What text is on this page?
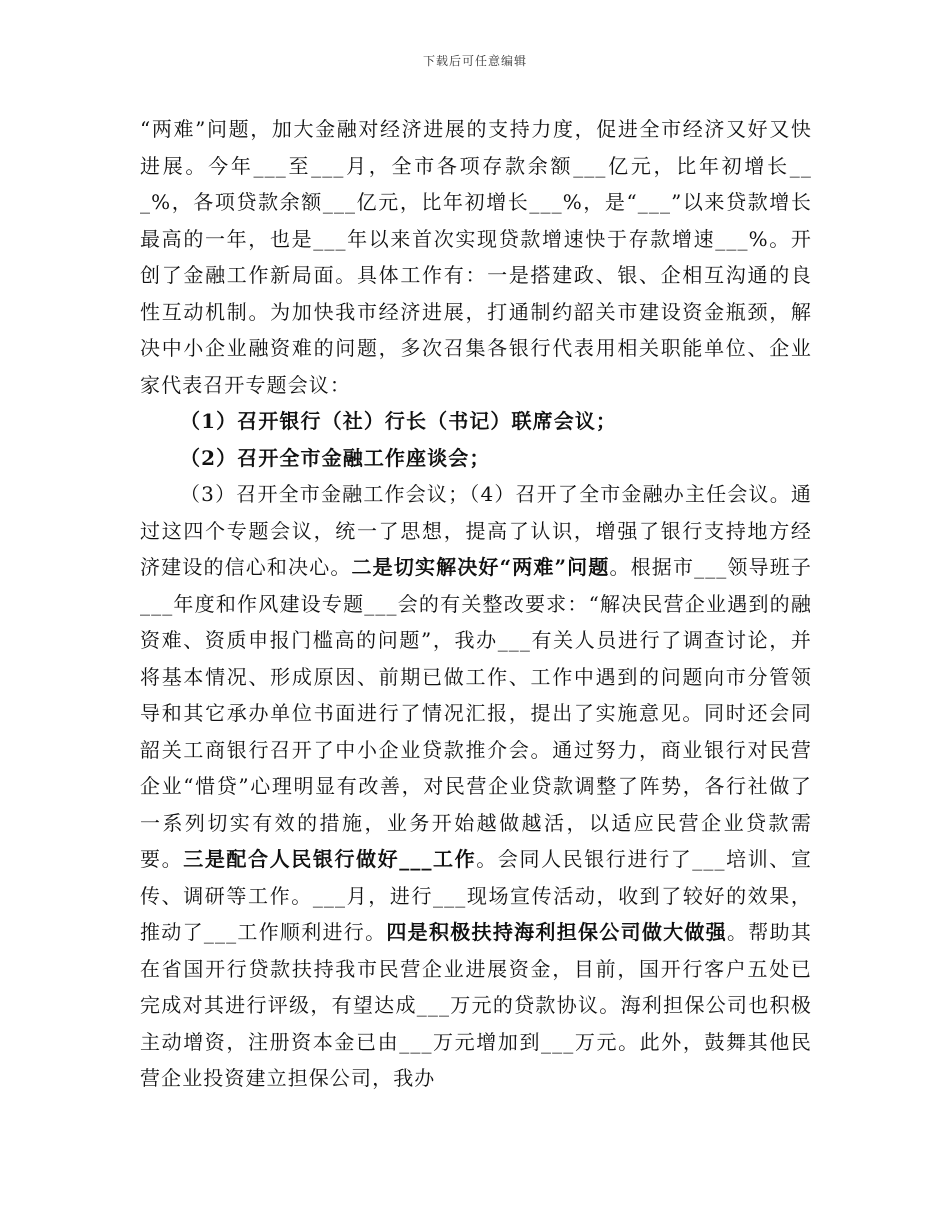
下载后可任意编辑

“两难”问题，加大金融对经济进展的支持力度，促进全市经济又好又快进展。今年___至___月，全市各项存款余额___亿元，比年初增长___%，各项贷款余额___亿元，比年初增长___%，是“___”以来贷款增长最高的一年，也是___年以来首次实现贷款增速快于存款增速___%。开创了金融工作新局面。具体工作有：一是搭建政、银、企相互沟通的良性互动机制。为加快我市经济进展，打通制约韶关市建设资金瓶颈，解决中小企业融资难的问题，多次召集各银行代表用相关职能单位、企业家代表召开专题会议：

（1）召开银行（社）行长（书记）联席会议；

（2）召开全市金融工作座谈会；

（3）召开全市金融工作会议；（4）召开了全市金融办主任会议。通过这四个专题会议，统一了思想，提高了认识，增强了银行支持地方经济建设的信心和决心。二是切实解决好“两难”问题。根据市___领导班子___年度和作风建设专题___会的有关整改要求：“解决民营企业遇到的融资难、资质申报门槛高的问题”，我办___有关人员进行了调查讨论，并将基本情况、形成原因、前期已做工作、工作中遇到的问题向市分管领导和其它承办单位书面进行了情况汇报，提出了实施意见。同时还会同韶关工商银行召开了中小企业贷款推介会。通过努力，商业银行对民营企业“惜贷”心理明显有改善，对民营企业贷款调整了阵势，各行社做了一系列切实有效的措施，业务开始越做越活，以适应民营企业贷款需要。三是配合人民银行做好___工作。会同人民银行进行了___培训、宣传、调研等工作。___月，进行___现场宣传活动，收到了较好的效果，推动了___工作顺利进行。四是积极扶持海利担保公司做大做强。帮助其在省国开行贷款扶持我市民营企业进展资金，目前，国开行客户五处已完成对其进行评级，有望达成___万元的贷款协议。海利担保公司也积极主动增资，注册资本金已由___万元增加到___万元。此外，鼓舞其他民营企业投资建立担保公司，我办
